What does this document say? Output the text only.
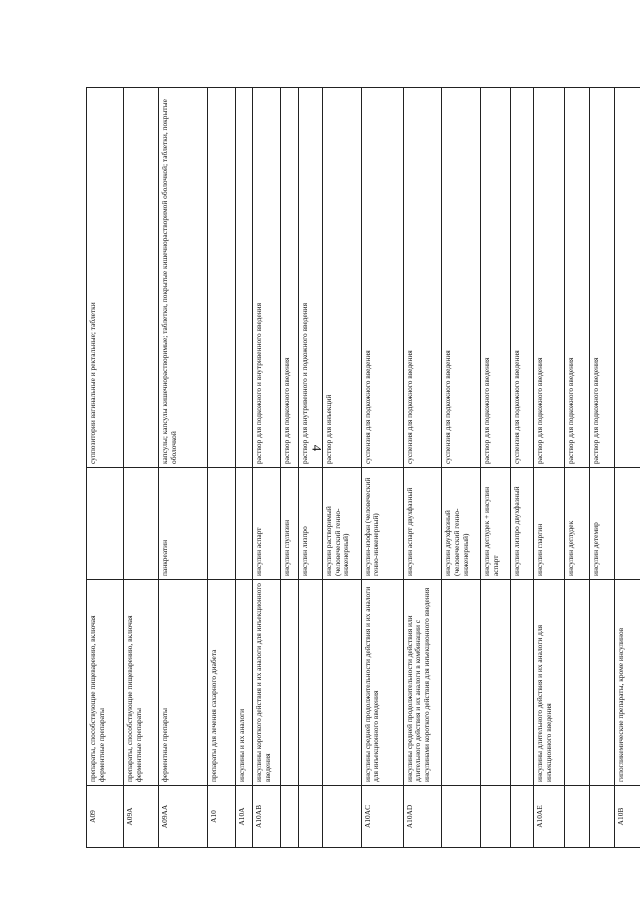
4
A09	препараты, способствующие пищеварению, включая ферментные препараты		суппозитории вагинальные и ректальные; таблетки
A09A	препараты, способствующие пищеварению, включая ферментные препараты		
A09AA	ферментные препараты	панкреатин	капсулы; капсулы кишечнорастворимые; таблетки, покрытые кишечнорастворимой оболочкой; таблетки, покрытые оболочкой
A10	препараты для лечения сахарного диабета		
A10A	инсулины и их аналоги		
A10AB	инсулины короткого действия и их аналоги для инъекционного введения	инсулин аспарт	раствор для подкожного и внутривенного введения
		инсулин глулизин	раствор для подкожного введения
		инсулин лизпро	раствор для внутривенного и подкожного введения
		инсулин растворимый (человеческий генно-инженерный)	раствор для инъекций
A10AC	инсулины средней продолжительности действия и их аналоги для инъекционного введения	инсулин-изофан (человеческий генно-инженерный)	суспензия для подкожного введения
A10AD	инсулины средней продолжительности действия или длительного действия и их аналоги в комбинации с инсулинами короткого действия для инъекционного введения	инсулин аспарт двухфазный	суспензия для подкожного введения
		инсулин двухфазный (человеческий генно-инженерный)	суспензия для подкожного введения
		инсулин деглудек + инсулин аспарт	раствор для подкожного введения
		инсулин лизпро двухфазный	суспензия для подкожного введения
A10AE	инсулины длительного действия и их аналоги для инъекционного введения	инсулин гларгин	раствор для подкожного введения
		инсулин деглудек	раствор для подкожного введения
		инсулин детемир	раствор для подкожного введения
A10B	гипогликемические препараты, кроме инсулинов		
